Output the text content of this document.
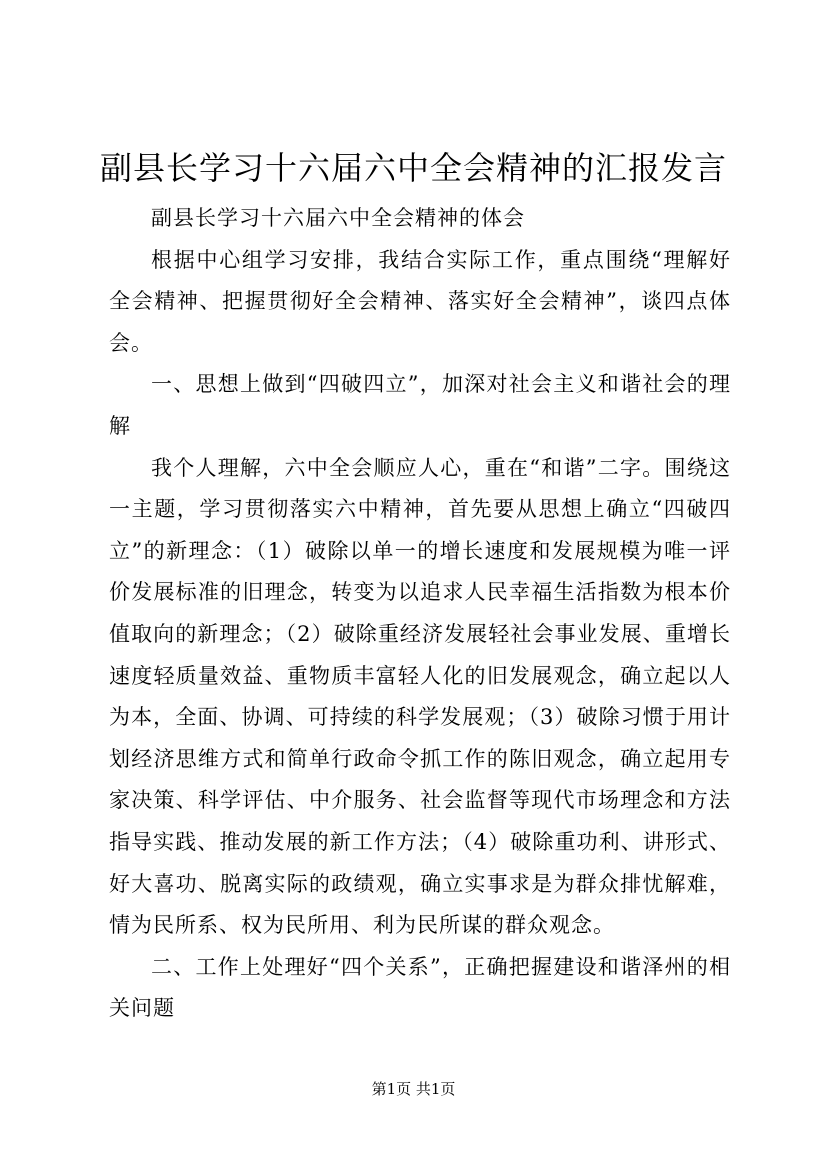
副县长学习十六届六中全会精神的汇报发言

副县长学习十六届六中全会精神的体会

根据中心组学习安排，我结合实际工作，重点围绕“理解好全会精神、把握贯彻好全会精神、落实好全会精神”，谈四点体会。

一、思想上做到“四破四立”，加深对社会主义和谐社会的理解

我个人理解，六中全会顺应人心，重在“和谐”二字。围绕这一主题，学习贯彻落实六中精神，首先要从思想上确立“四破四立”的新理念：（1）破除以单一的增长速度和发展规模为唯一评价发展标准的旧理念，转变为以追求人民幸福生活指数为根本价值取向的新理念；（2）破除重经济发展轻社会事业发展、重增长速度轻质量效益、重物质丰富轻人化的旧发展观念，确立起以人为本，全面、协调、可持续的科学发展观；（3）破除习惯于用计划经济思维方式和简单行政命令抓工作的陈旧观念，确立起用专家决策、科学评估、中介服务、社会监督等现代市场理念和方法指导实践、推动发展的新工作方法；（4）破除重功利、讲形式、好大喜功、脱离实际的政绩观，确立实事求是为群众排忧解难，情为民所系、权为民所用、利为民所谋的群众观念。

二、工作上处理好“四个关系”，正确把握建设和谐泽州的相关问题

第1页 共1页
